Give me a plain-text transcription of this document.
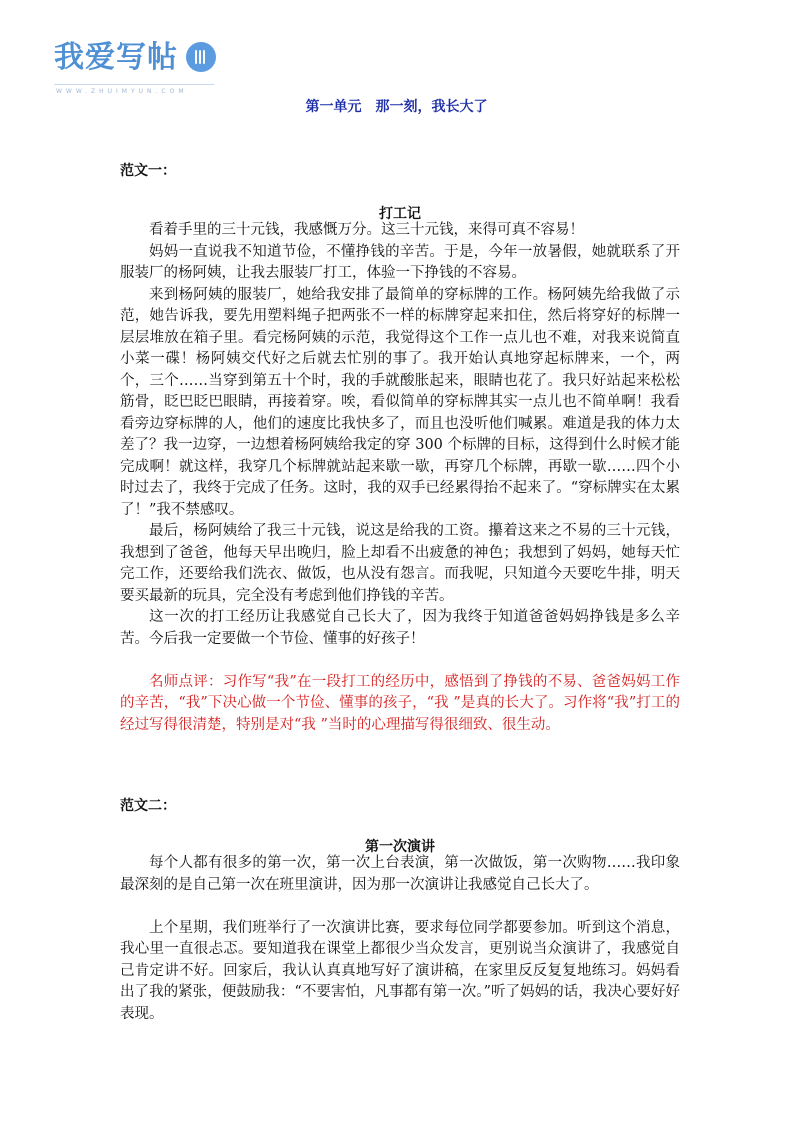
我爱写帖
WWW.ZHUIMYUN.COM
第一单元　那一刻，我长大了
范文一：
打工记

看着手里的三十元钱，我感慨万分。这三十元钱，来得可真不容易！

妈妈一直说我不知道节俭，不懂挣钱的辛苦。于是，今年一放暑假，她就联系了开服装厂的杨阿姨，让我去服装厂打工，体验一下挣钱的不容易。

来到杨阿姨的服装厂，她给我安排了最简单的穿标牌的工作。杨阿姨先给我做了示范，她告诉我，要先用塑料绳子把两张不一样的标牌穿起来扣住，然后将穿好的标牌一层层堆放在箱子里。看完杨阿姨的示范，我觉得这个工作一点儿也不难，对我来说简直小菜一碟！杨阿姨交代好之后就去忙别的事了。我开始认真地穿起标牌来，一个，两个，三个……当穿到第五十个时，我的手就酸胀起来，眼睛也花了。我只好站起来松松筋骨，眨巴眨巴眼睛，再接着穿。唉，看似简单的穿标牌其实一点儿也不简单啊！我看看旁边穿标牌的人，他们的速度比我快多了，而且也没听他们喊累。难道是我的体力太差了？我一边穿，一边想着杨阿姨给我定的穿 300 个标牌的目标，这得到什么时候才能完成啊！就这样，我穿几个标牌就站起来歇一歇，再穿几个标牌，再歇一歇……四个小时过去了，我终于完成了任务。这时，我的双手已经累得抬不起来了。“穿标牌实在太累了！”我不禁感叹。

最后，杨阿姨给了我三十元钱，说这是给我的工资。攥着这来之不易的三十元钱，我想到了爸爸，他每天早出晚归，脸上却看不出疲惫的神色；我想到了妈妈，她每天忙完工作，还要给我们洗衣、做饭，也从没有怨言。而我呢，只知道今天要吃牛排，明天要买最新的玩具，完全没有考虑到他们挣钱的辛苦。

这一次的打工经历让我感觉自己长大了，因为我终于知道爸爸妈妈挣钱是多么辛苦。今后我一定要做一个节俭、懂事的好孩子！

名师点评：习作写“我”在一段打工的经历中，感悟到了挣钱的不易、爸爸妈妈工作的辛苦，“我”下决心做一个节俭、懂事的孩子，“我 ”是真的长大了。习作将“我”打工的经过写得很清楚，特别是对“我 ”当时的心理描写得很细致、很生动。

范文二：
第一次演讲

每个人都有很多的第一次，第一次上台表演，第一次做饭，第一次购物……我印象最深刻的是自己第一次在班里演讲，因为那一次演讲让我感觉自己长大了。

上个星期，我们班举行了一次演讲比赛，要求每位同学都要参加。听到这个消息，我心里一直很忐忑。要知道我在课堂上都很少当众发言，更别说当众演讲了，我感觉自己肯定讲不好。回家后，我认认真真地写好了演讲稿，在家里反反复复地练习。妈妈看出了我的紧张，便鼓励我：“不要害怕，凡事都有第一次。”听了妈妈的话，我决心要好好表现。
